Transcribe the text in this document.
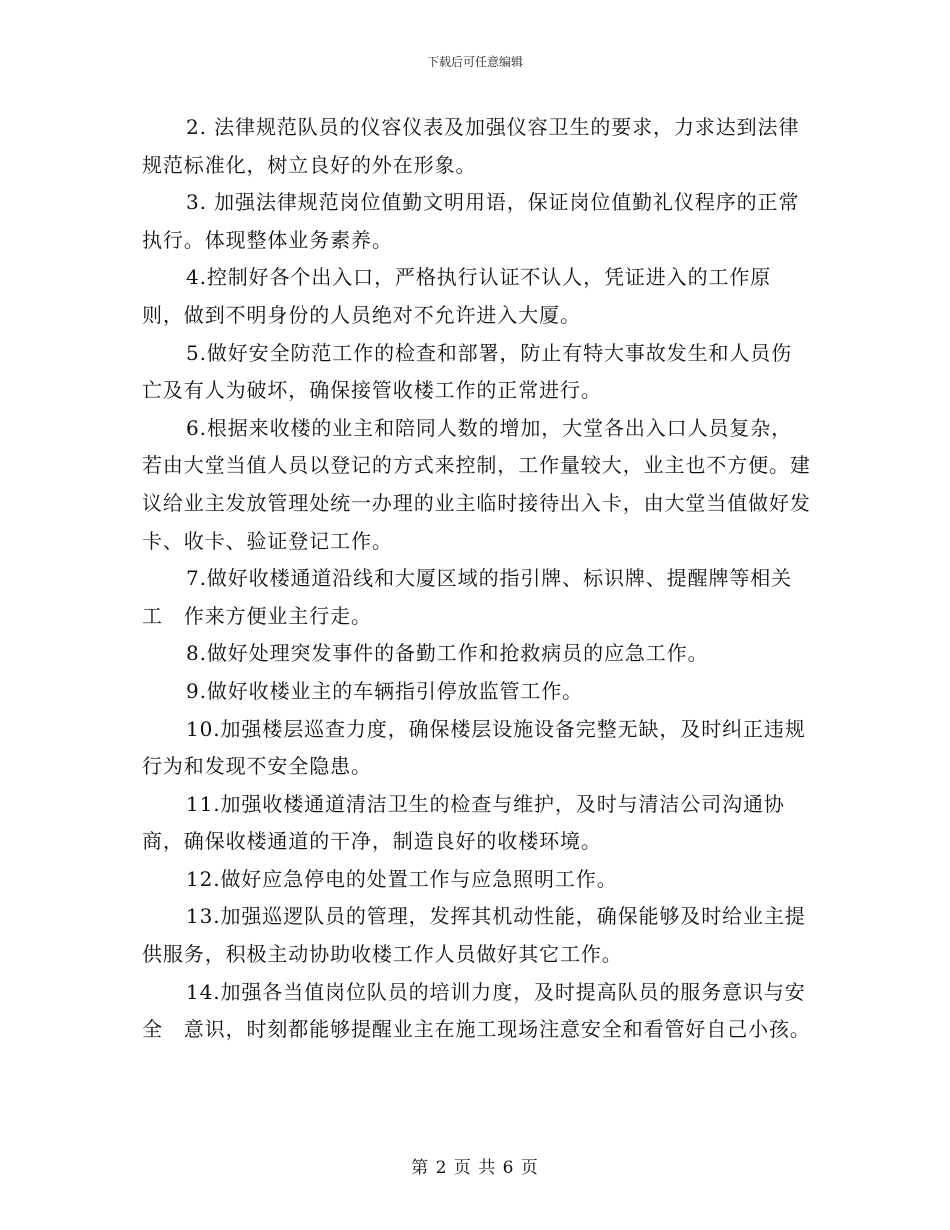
下载后可任意编辑

2. 法律规范队员的仪容仪表及加强仪容卫生的要求，力求达到法律规范标准化，树立良好的外在形象。

3. 加强法律规范岗位值勤文明用语，保证岗位值勤礼仪程序的正常执行。体现整体业务素养。

4.控制好各个出入口，严格执行认证不认人，凭证进入的工作原则，做到不明身份的人员绝对不允许进入大厦。

5.做好安全防范工作的检查和部署，防止有特大事故发生和人员伤亡及有人为破坏，确保接管收楼工作的正常进行。

6.根据来收楼的业主和陪同人数的增加，大堂各出入口人员复杂，若由大堂当值人员以登记的方式来控制，工作量较大，业主也不方便。建议给业主发放管理处统一办理的业主临时接待出入卡，由大堂当值做好发卡、收卡、验证登记工作。

7.做好收楼通道沿线和大厦区域的指引牌、标识牌、提醒牌等相关工　作来方便业主行走。

8.做好处理突发事件的备勤工作和抢救病员的应急工作。

9.做好收楼业主的车辆指引停放监管工作。

10.加强楼层巡查力度，确保楼层设施设备完整无缺，及时纠正违规行为和发现不安全隐患。

11.加强收楼通道清洁卫生的检查与维护，及时与清洁公司沟通协商，确保收楼通道的干净，制造良好的收楼环境。

12.做好应急停电的处置工作与应急照明工作。

13.加强巡逻队员的管理，发挥其机动性能，确保能够及时给业主提供服务，积极主动协助收楼工作人员做好其它工作。

14.加强各当值岗位队员的培训力度，及时提高队员的服务意识与安全　意识，时刻都能够提醒业主在施工现场注意安全和看管好自己小孩。

第 2 页 共 6 页
